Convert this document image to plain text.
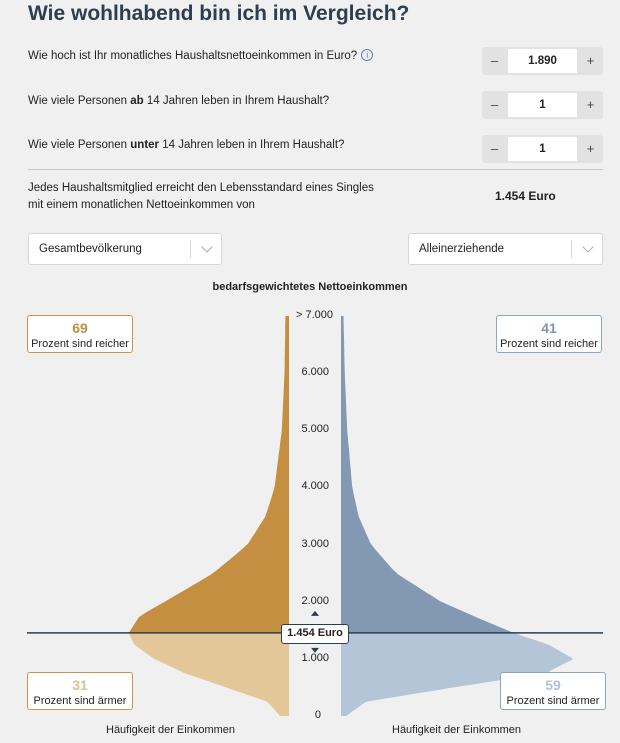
Wie wohlhabend bin ich im Vergleich?
Wie hoch ist Ihr monatliches Haushaltsnettoeinkommen in Euro? i	–	1.890	+
Wie viele Personen ab 14 Jahren leben in Ihrem Haushalt?	–	1	+
Wie viele Personen unter 14 Jahren leben in Ihrem Haushalt?	–	1	+
Jedes Haushaltsmitglied erreicht den Lebensstandard eines Singles
mit einem monatlichen Nettoeinkommen von
1.454 Euro
Gesamtbevölkerung	Alleinerziehende
bedarfsgewichtetes Nettoeinkommen
0
1.000
2.000
3.000
4.000
5.000
6.000
> 7.000
69
Prozent sind reicher
31
Prozent sind ärmer
41
Prozent sind reicher
59
Prozent sind ärmer
1.454 Euro
Häufigkeit der Einkommen	Häufigkeit der Einkommen
